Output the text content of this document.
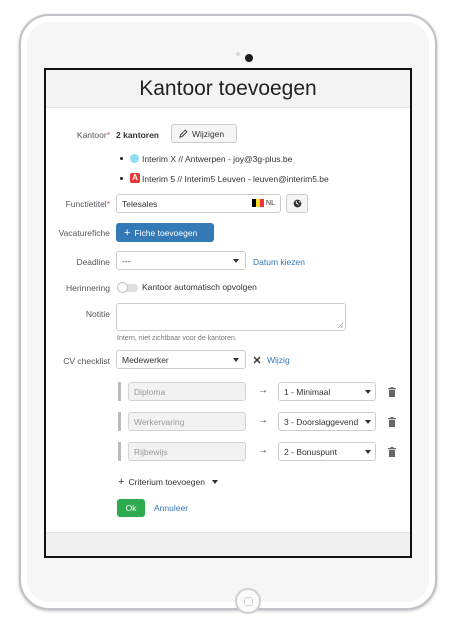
Kantoor toevoegen
Kantoor* 2 kantoren	Wijzigen
Interim X // Antwerpen - joy@3g-plus.be
A Interim 5 // Interim5 Leuven - leuven@interim5.be
Functietitel* Telesales	NL
Vacaturefiche + Fiche toevoegen
Deadline ---	Datum kiezen
Herinnering	Kantoor automatisch opvolgen
Notitie
Intern, niet zichtbaar voor de kantoren.
CV checklist Medewerker	Wijzig
Diploma	→ 1 - Minimaal
Werkervaring	→ 3 - Doorslaggevend
Rijbewijs	→ 2 - Bonuspunt
+ Criterium toevoegen
Ok	Annuleer
